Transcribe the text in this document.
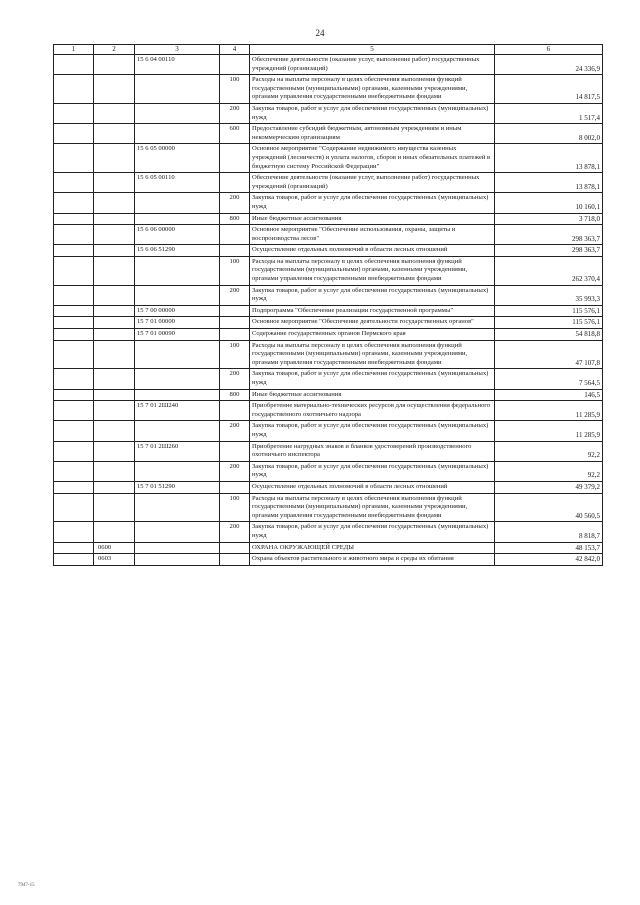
24
1	2	3	4	5	6
		15 6 04 00110		Обеспечение деятельности (оказание услуг, выполнение работ) государственных учреждений (организаций)	24 336,9
			100	Расходы на выплаты персоналу в целях обеспечения выполнения функций государственными (муниципальными) органами, казенными учреждениями, органами управления государственными внебюджетными фондами	14 817,5
			200	Закупка товаров, работ и услуг для обеспечения государственных (муниципальных) нужд	1 517,4
			600	Предоставление субсидий бюджетным, автономным учреждениям и иным некоммерческим организациям	8 002,0
		15 6 05 00000		Основное мероприятие "Содержание недвижимого имущества казенных учреждений (лесничеств) и уплата налогов, сборов и иных обязательных платежей в бюджетную систему Российской Федерации"	13 878,1
		15 6 05 00110		Обеспечение деятельности (оказание услуг, выполнение работ) государственных учреждений (организаций)	13 878,1
			200	Закупка товаров, работ и услуг для обеспечения государственных (муниципальных) нужд	10 160,1
			800	Иные бюджетные ассигнования	3 718,0
		15 6 06 00000		Основное мероприятие "Обеспечение использования, охраны, защиты и воспроизводства лесов"	298 363,7
		15 6 06 51290		Осуществление отдельных полномочий в области лесных отношений	298 363,7
			100	Расходы на выплаты персоналу в целях обеспечения выполнения функций государственными (муниципальными) органами, казенными учреждениями, органами управления государственными внебюджетными фондами	262 370,4
			200	Закупка товаров, работ и услуг для обеспечения государственных (муниципальных) нужд	35 993,3
		15 7 00 00000		Подпрограмма "Обеспечение реализации государственной программы"	115 576,1
		15 7 01 00000		Основное мероприятие "Обеспечение деятельности государственных органов"	115 576,1
		15 7 01 00090		Содержание государственных органов Пермского края	54 818,8
			100	Расходы на выплаты персоналу в целях обеспечения выполнения функций государственными (муниципальными) органами, казенными учреждениями, органами управления государственными внебюджетными фондами	47 107,8
			200	Закупка товаров, работ и услуг для обеспечения государственных (муниципальных) нужд	7 564,5
			800	Иные бюджетные ассигнования	146,5
		15 7 01 2Ш240		Приобретение материально-технических ресурсов для осуществления федерального государственного охотничьего надзора	11 285,9
			200	Закупка товаров, работ и услуг для обеспечения государственных (муниципальных) нужд	11 285,9
		15 7 01 2Ш260		Приобретение нагрудных знаков и бланков удостоверений производственного охотничьего инспектора	92,2
			200	Закупка товаров, работ и услуг для обеспечения государственных (муниципальных) нужд	92,2
		15 7 01 51290		Осуществление отдельных полномочий в области лесных отношений	49 379,2
			100	Расходы на выплаты персоналу в целях обеспечения выполнения функций государственными (муниципальными) органами, казенными учреждениями, органами управления государственными внебюджетными фондами	40 560,5
			200	Закупка товаров, работ и услуг для обеспечения государственных (муниципальных) нужд	8 818,7
	0600			ОХРАНА ОКРУЖАЮЩЕЙ СРЕДЫ	48 153,7
	0603			Охрана объектов растительного и животного мира и среды их обитания	42 842,0
7947-15
